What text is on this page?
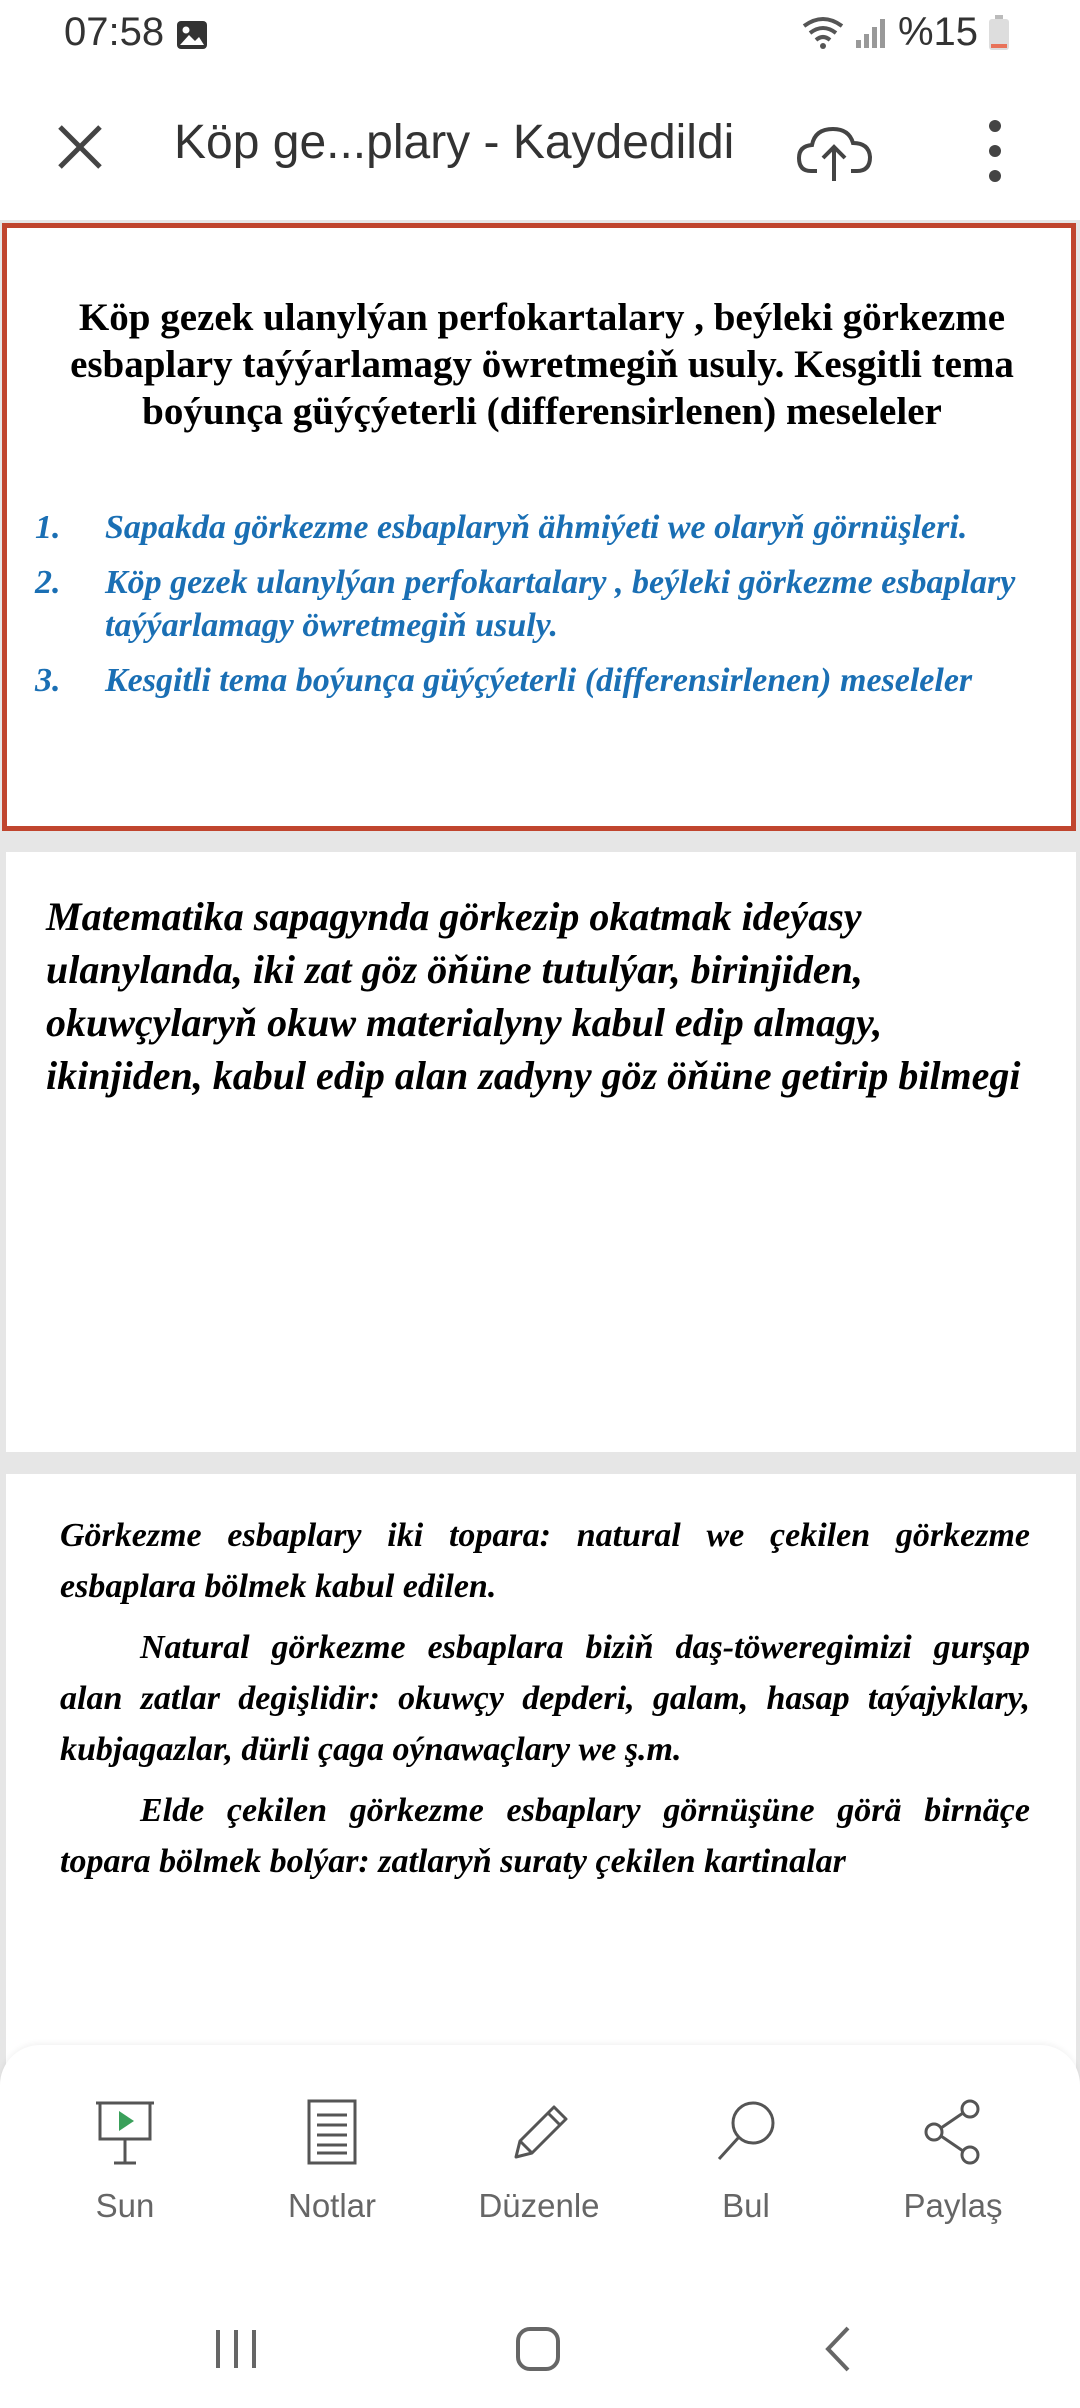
07:58	%15
Köp ge...plary - Kaydedildi
Köp gezek ulanylýan perfokartalary , beýleki görkezme esbaplary taýýarlamagy öwretmegiň usuly. Kesgitli tema boýunça güýçýeterli (differensirlenen) meseleler
1. Sapakda görkezme esbaplaryň ähmiýeti we olaryň görnüşleri.
2. Köp gezek ulanylýan perfokartalary , beýleki görkezme esbaplary taýýarlamagy öwretmegiň usuly.
3. Kesgitli tema boýunça güýçýeterli (differensirlenen) meseleler
Matematika sapagynda görkezip okatmak ideýasy ulanylanda, iki zat göz öňüne tutulýar, birinjiden, okuwçylaryň okuw materialyny kabul edip almagy, ikinjiden, kabul edip alan zadyny göz öňüne getirip bilmegi

Görkezme esbaplary iki topara: natural we çekilen görkezme esbaplara bölmek kabul edilen.

Natural görkezme esbaplara biziň daş-töweregimizi gurşap alan zatlar degişlidir: okuwçy depderi, galam, hasap taýajyklary, kubjagazlar, dürli çaga oýnawaçlary we ş.m.

Elde çekilen görkezme esbaplary görnüşüne görä birnäçe topara bölmek bolýar: zatlaryň suraty çekilen kartinalar

Sun	Notlar	Düzenle	Bul	Paylaş
